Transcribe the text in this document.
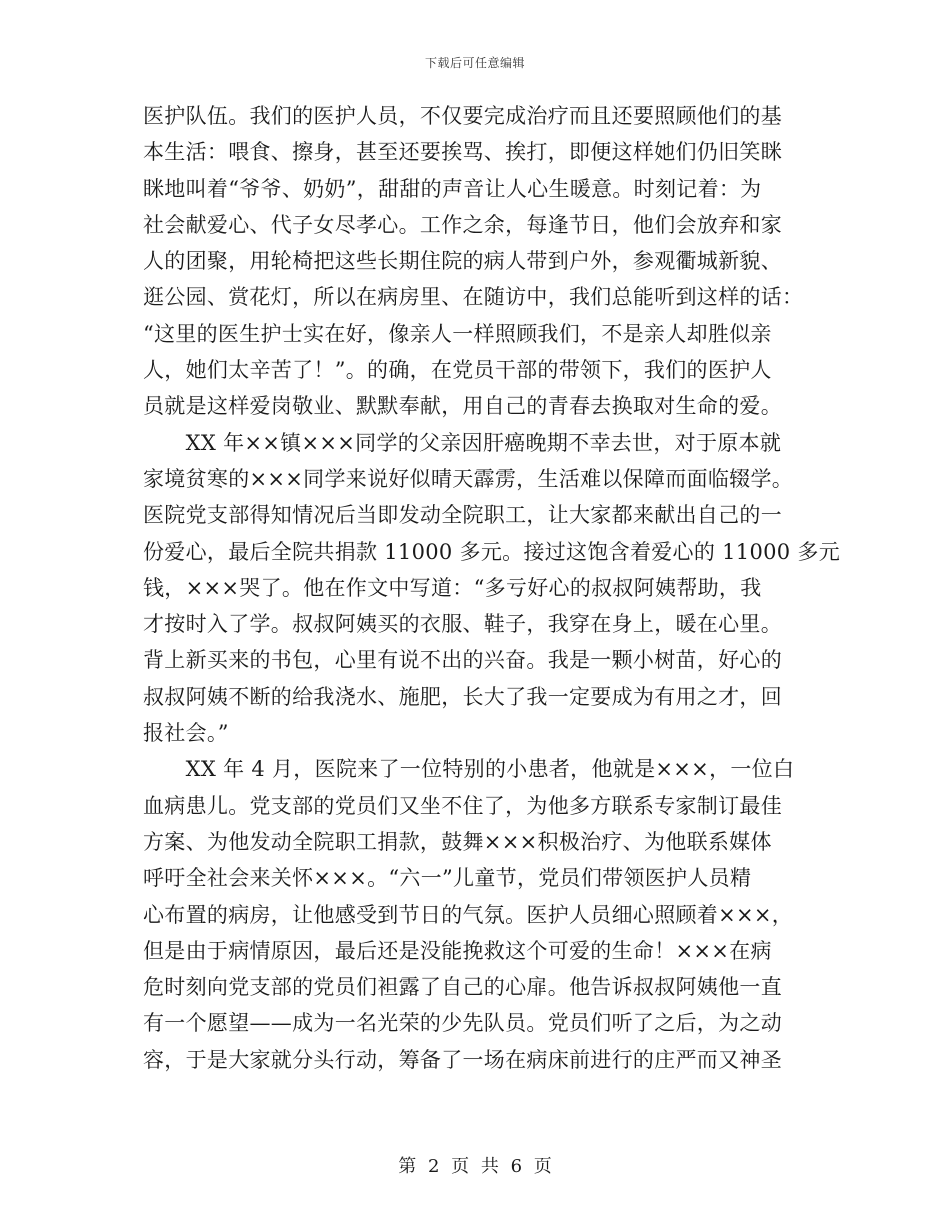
下载后可任意编辑
医护队伍。我们的医护人员，不仅要完成治疗而且还要照顾他们的基
本生活：喂食、擦身，甚至还要挨骂、挨打，即便这样她们仍旧笑眯
眯地叫着“爷爷、奶奶”，甜甜的声音让人心生暖意。时刻记着：为
社会献爱心、代子女尽孝心。工作之余，每逢节日，他们会放弃和家
人的团聚，用轮椅把这些长期住院的病人带到户外，参观衢城新貌、
逛公园、赏花灯，所以在病房里、在随访中，我们总能听到这样的话：
“这里的医生护士实在好，像亲人一样照顾我们，不是亲人却胜似亲
人，她们太辛苦了！”。的确，在党员干部的带领下，我们的医护人
员就是这样爱岗敬业、默默奉献，用自己的青春去换取对生命的爱。
　　XX 年××镇×××同学的父亲因肝癌晚期不幸去世，对于原本就
家境贫寒的×××同学来说好似晴天霹雳，生活难以保障而面临辍学。
医院党支部得知情况后当即发动全院职工，让大家都来献出自己的一
份爱心，最后全院共捐款 11000 多元。接过这饱含着爱心的 11000 多元
钱，×××哭了。他在作文中写道：“多亏好心的叔叔阿姨帮助，我
才按时入了学。叔叔阿姨买的衣服、鞋子，我穿在身上，暖在心里。
背上新买来的书包，心里有说不出的兴奋。我是一颗小树苗，好心的
叔叔阿姨不断的给我浇水、施肥，长大了我一定要成为有用之才，回
报社会。”
　　XX 年 4 月，医院来了一位特别的小患者，他就是×××，一位白
血病患儿。党支部的党员们又坐不住了，为他多方联系专家制订最佳
方案、为他发动全院职工捐款，鼓舞×××积极治疗、为他联系媒体
呼吁全社会来关怀×××。“六一”儿童节，党员们带领医护人员精
心布置的病房，让他感受到节日的气氛。医护人员细心照顾着×××，
但是由于病情原因，最后还是没能挽救这个可爱的生命！×××在病
危时刻向党支部的党员们袒露了自己的心扉。他告诉叔叔阿姨他一直
有一个愿望——成为一名光荣的少先队员。党员们听了之后，为之动
容，于是大家就分头行动，筹备了一场在病床前进行的庄严而又神圣
第 2 页 共 6 页
